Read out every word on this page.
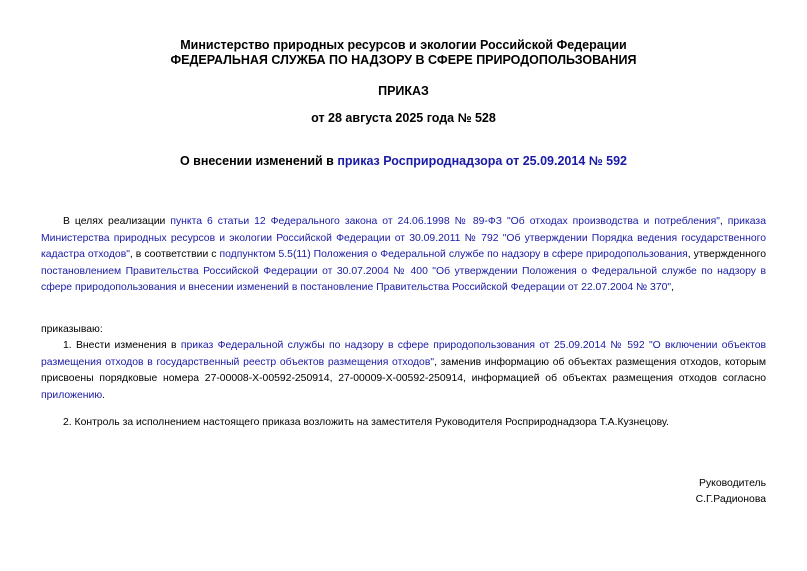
Министерство природных ресурсов и экологии Российской Федерации
ФЕДЕРАЛЬНАЯ СЛУЖБА ПО НАДЗОРУ В СФЕРЕ ПРИРОДОПОЛЬЗОВАНИЯ
ПРИКАЗ
от 28 августа 2025 года № 528
О внесении изменений в приказ Росприроднадзора от 25.09.2014 № 592
В целях реализации пункта 6 статьи 12 Федерального закона от 24.06.1998 № 89-ФЗ "Об отходах производства и потребления", приказа Министерства природных ресурсов и экологии Российской Федерации от 30.09.2011 № 792 "Об утверждении Порядка ведения государственного кадастра отходов", в соответствии с подпунктом 5.5(11) Положения о Федеральной службе по надзору в сфере природопользования, утвержденного постановлением Правительства Российской Федерации от 30.07.2004 № 400 "Об утверждении Положения о Федеральной службе по надзору в сфере природопользования и внесении изменений в постановление Правительства Российской Федерации от 22.07.2004 № 370",
приказываю:
1. Внести изменения в приказ Федеральной службы по надзору в сфере природопользования от 25.09.2014 № 592 "О включении объектов размещения отходов в государственный реестр объектов размещения отходов", заменив информацию об объектах размещения отходов, которым присвоены порядковые номера 27-00008-Х-00592-250914, 27-00009-Х-00592-250914, информацией об объектах размещения отходов согласно приложению.
2. Контроль за исполнением настоящего приказа возложить на заместителя Руководителя Росприроднадзора Т.А.Кузнецову.
Руководитель
С.Г.Радионова
